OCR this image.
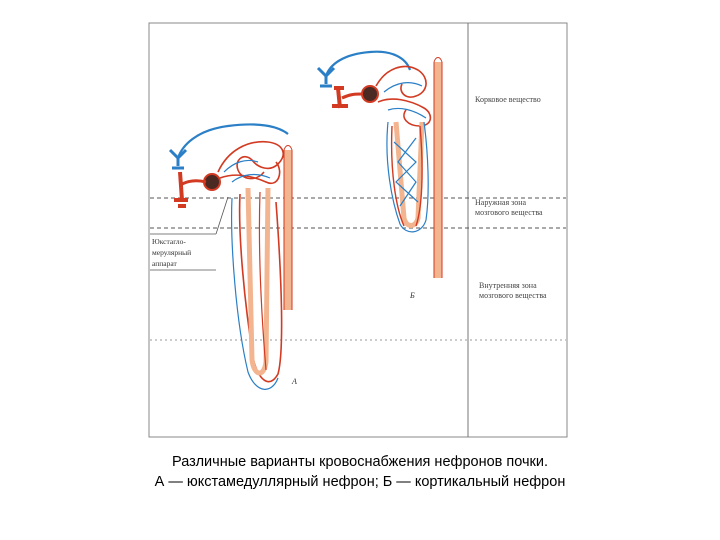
Корковое вещество
Наружная зона
мозгового вещества
Внутренняя зона
мозгового вещества
Юкстагло-
мерулярный
аппарат
A
Б
Различные варианты кровоснабжения нефронов почки.
А — юкстамедуллярный нефрон; Б — кортикальный нефрон
